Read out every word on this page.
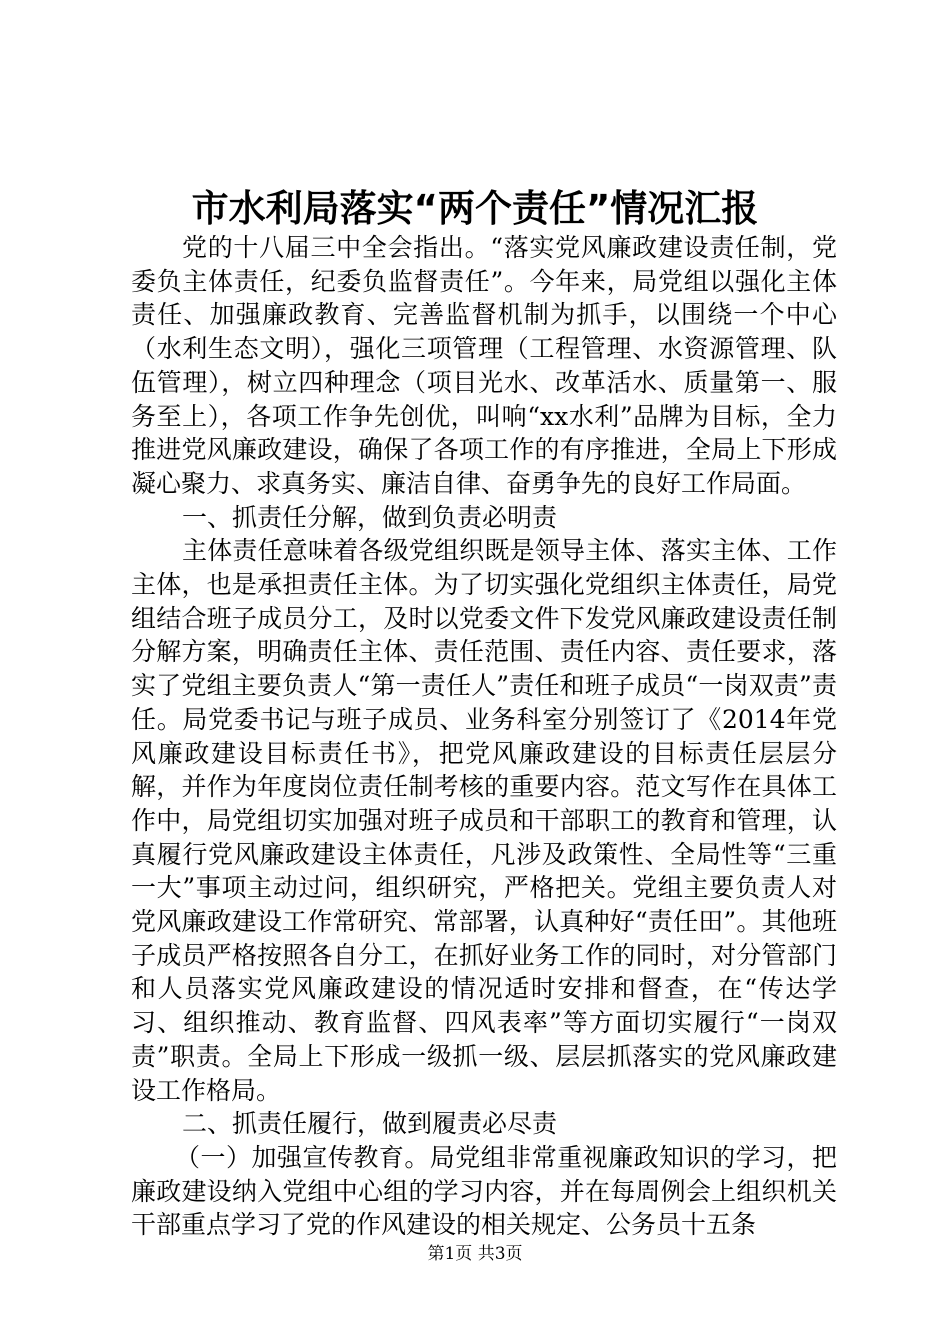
市水利局落实“两个责任”情况汇报

党的十八届三中全会指出。“落实党风廉政建设责任制，党委负主体责任，纪委负监督责任”。今年来，局党组以强化主体责任、加强廉政教育、完善监督机制为抓手，以围绕一个中心（水利生态文明），强化三项管理（工程管理、水资源管理、队伍管理），树立四种理念（项目光水、改革活水、质量第一、服务至上），各项工作争先创优，叫响“xx水利”品牌为目标，全力推进党风廉政建设，确保了各项工作的有序推进，全局上下形成凝心聚力、求真务实、廉洁自律、奋勇争先的良好工作局面。

一、抓责任分解，做到负责必明责

主体责任意味着各级党组织既是领导主体、落实主体、工作主体，也是承担责任主体。为了切实强化党组织主体责任，局党组结合班子成员分工，及时以党委文件下发党风廉政建设责任制分解方案，明确责任主体、责任范围、责任内容、责任要求，落实了党组主要负责人“第一责任人”责任和班子成员“一岗双责”责任。局党委书记与班子成员、业务科室分别签订了《2014年党风廉政建设目标责任书》，把党风廉政建设的目标责任层层分解，并作为年度岗位责任制考核的重要内容。范文写作在具体工作中，局党组切实加强对班子成员和干部职工的教育和管理，认真履行党风廉政建设主体责任，凡涉及政策性、全局性等“三重一大”事项主动过问，组织研究，严格把关。党组主要负责人对党风廉政建设工作常研究、常部署，认真种好“责任田”。其他班子成员严格按照各自分工，在抓好业务工作的同时，对分管部门和人员落实党风廉政建设的情况适时安排和督查，在“传达学习、组织推动、教育监督、四风表率”等方面切实履行“一岗双责”职责。全局上下形成一级抓一级、层层抓落实的党风廉政建设工作格局。

二、抓责任履行，做到履责必尽责

（一）加强宣传教育。局党组非常重视廉政知识的学习，把廉政建设纳入党组中心组的学习内容，并在每周例会上组织机关干部重点学习了党的作风建设的相关规定、公务员十五条

第1页 共3页
